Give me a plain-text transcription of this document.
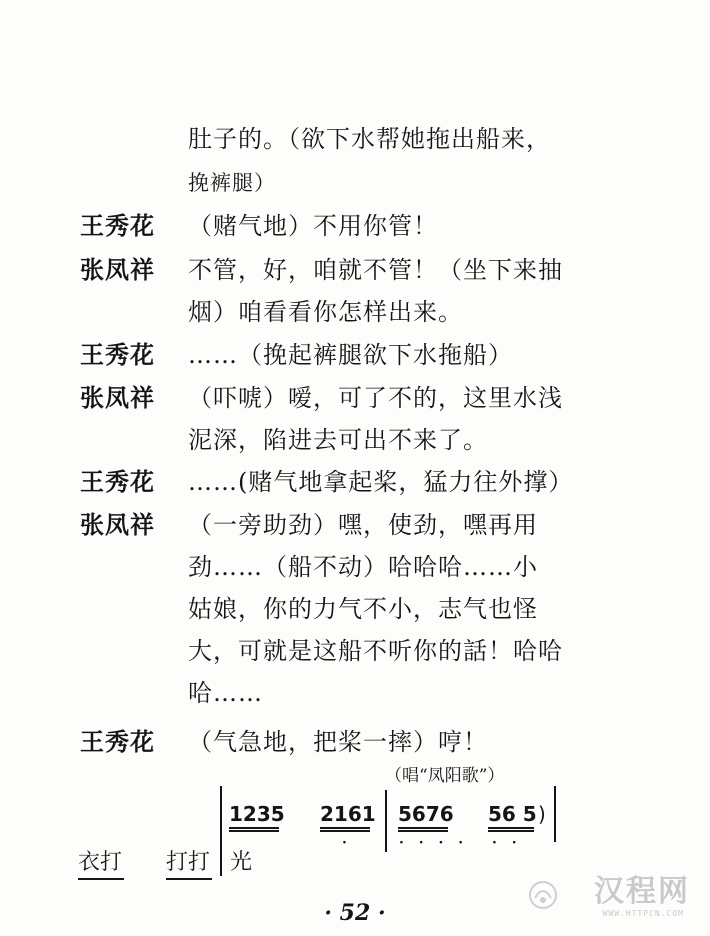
肚子的。（欲下水帮她拖出船来，
挽裤腿）
王秀花 （赌气地）不用你管！
张凤祥 不管，好，咱就不管！（坐下来抽
烟）咱看看你怎样出来。
王秀花 ……（挽起裤腿欲下水拖船）
张凤祥 （吓唬）嗳，可了不的，这里水浅
泥深，陷进去可出不来了。
王秀花 ……(赌气地拿起桨，猛力往外撑）
张凤祥 （一旁助劲）嘿，使劲，嘿再用
劲……（船不动）哈哈哈……小
姑娘，你的力气不小，志气也怪
大，可就是这船不听你的話！哈哈
哈……
王秀花 （气急地，把桨一摔）哼！
（唱“凤阳歌”）
1235 2161
·
5676
· · · ·
56 5
· ·
)
衣打 打打 光
· 52 ·
汉程网
WWW.HTTPCN.COM
